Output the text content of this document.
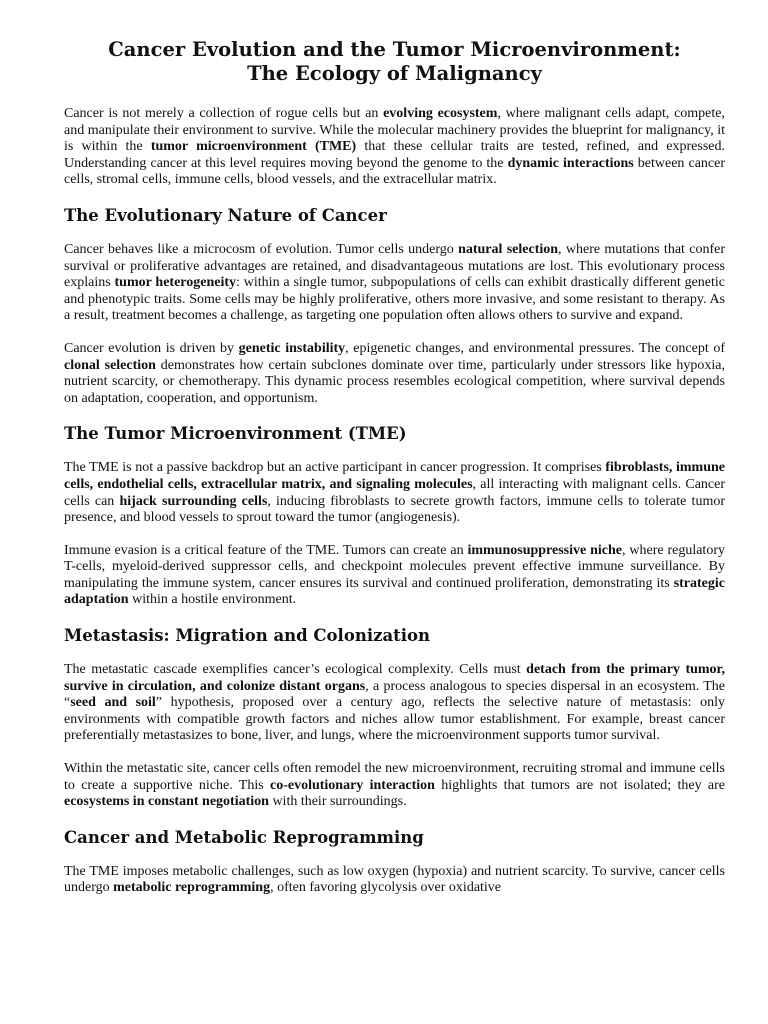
Cancer Evolution and the Tumor Microenvironment:
The Ecology of Malignancy

Cancer is not merely a collection of rogue cells but an evolving ecosystem, where malignant cells adapt, compete, and manipulate their environment to survive. While the molecular machinery provides the blueprint for malignancy, it is within the tumor microenvironment (TME) that these cellular traits are tested, refined, and expressed. Understanding cancer at this level requires moving beyond the genome to the dynamic interactions between cancer cells, stromal cells, immune cells, blood vessels, and the extracellular matrix.

The Evolutionary Nature of Cancer

Cancer behaves like a microcosm of evolution. Tumor cells undergo natural selection, where mutations that confer survival or proliferative advantages are retained, and disadvantageous mutations are lost. This evolutionary process explains tumor heterogeneity: within a single tumor, subpopulations of cells can exhibit drastically different genetic and phenotypic traits. Some cells may be highly proliferative, others more invasive, and some resistant to therapy. As a result, treatment becomes a challenge, as targeting one population often allows others to survive and expand.

Cancer evolution is driven by genetic instability, epigenetic changes, and environmental pressures. The concept of clonal selection demonstrates how certain subclones dominate over time, particularly under stressors like hypoxia, nutrient scarcity, or chemotherapy. This dynamic process resembles ecological competition, where survival depends on adaptation, cooperation, and opportunism.

The Tumor Microenvironment (TME)

The TME is not a passive backdrop but an active participant in cancer progression. It comprises fibroblasts, immune cells, endothelial cells, extracellular matrix, and signaling molecules, all interacting with malignant cells. Cancer cells can hijack surrounding cells, inducing fibroblasts to secrete growth factors, immune cells to tolerate tumor presence, and blood vessels to sprout toward the tumor (angiogenesis).

Immune evasion is a critical feature of the TME. Tumors can create an immunosuppressive niche, where regulatory T-cells, myeloid-derived suppressor cells, and checkpoint molecules prevent effective immune surveillance. By manipulating the immune system, cancer ensures its survival and continued proliferation, demonstrating its strategic adaptation within a hostile environment.

Metastasis: Migration and Colonization

The metastatic cascade exemplifies cancer’s ecological complexity. Cells must detach from the primary tumor, survive in circulation, and colonize distant organs, a process analogous to species dispersal in an ecosystem. The “seed and soil” hypothesis, proposed over a century ago, reflects the selective nature of metastasis: only environments with compatible growth factors and niches allow tumor establishment. For example, breast cancer preferentially metastasizes to bone, liver, and lungs, where the microenvironment supports tumor survival.

Within the metastatic site, cancer cells often remodel the new microenvironment, recruiting stromal and immune cells to create a supportive niche. This co-evolutionary interaction highlights that tumors are not isolated; they are ecosystems in constant negotiation with their surroundings.

Cancer and Metabolic Reprogramming

The TME imposes metabolic challenges, such as low oxygen (hypoxia) and nutrient scarcity. To survive, cancer cells undergo metabolic reprogramming, often favoring glycolysis over oxidative
